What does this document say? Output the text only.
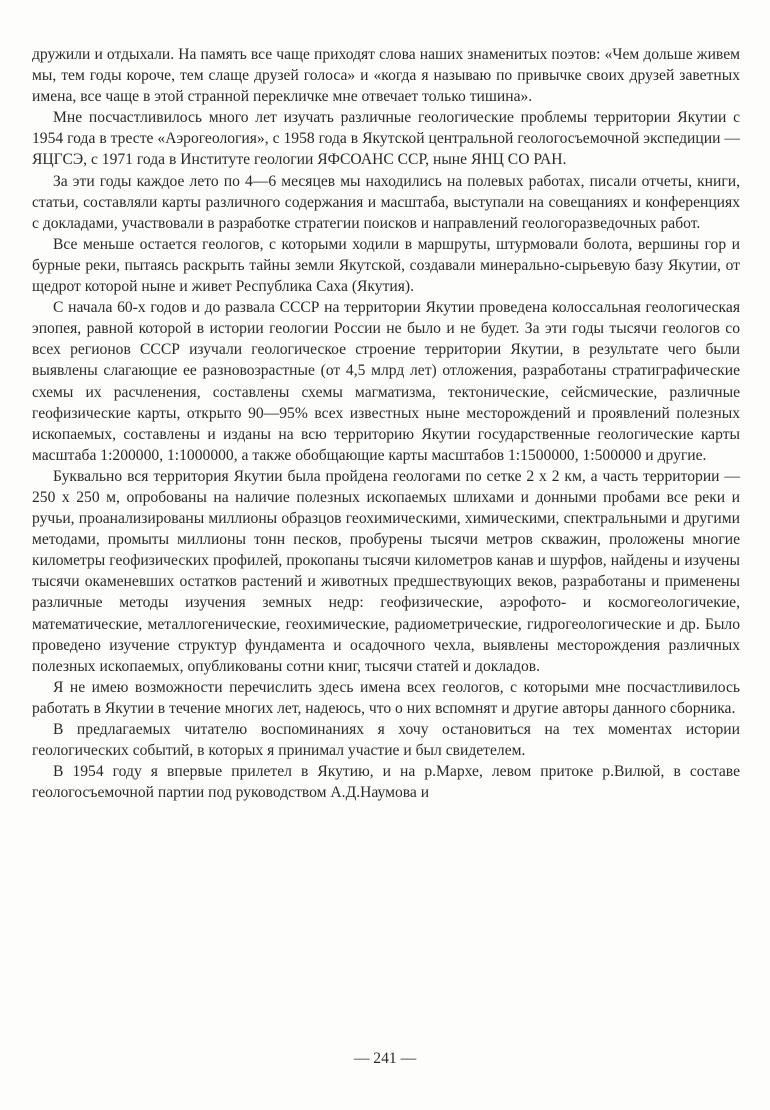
дружили и отдыхали. На память все чаще приходят слова наших знаменитых поэтов: «Чем дольше живем мы, тем годы короче, тем слаще друзей голоса» и «когда я называю по привычке своих друзей заветных имена, все чаще в этой странной перекличке мне отвечает только тишина».

Мне посчастливилось много лет изучать различные геологические проблемы территории Якутии с 1954 года в тресте «Аэрогеология», с 1958 года в Якутской центральной геологосъемочной экспедиции — ЯЦГСЭ, с 1971 года в Институте геологии ЯФСОАНС ССР, ныне ЯНЦ СО РАН.

За эти годы каждое лето по 4—6 месяцев мы находились на полевых работах, писали отчеты, книги, статьи, составляли карты различного содержания и масштаба, выступали на совещаниях и конференциях с докладами, участвовали в разработке стратегии поисков и направлений геологоразведочных работ.

Все меньше остается геологов, с которыми ходили в маршруты, штурмовали болота, вершины гор и бурные реки, пытаясь раскрыть тайны земли Якутской, создавали минерально-сырьевую базу Якутии, от щедрот которой ныне и живет Республика Саха (Якутия).

С начала 60-х годов и до развала СССР на территории Якутии проведена колоссальная геологическая эпопея, равной которой в истории геологии России не было и не будет. За эти годы тысячи геологов со всех регионов СССР изучали геологическое строение территории Якутии, в результате чего были выявлены слагающие ее разновозрастные (от 4,5 млрд лет) отложения, разработаны стратиграфические схемы их расчленения, составлены схемы магматизма, тектонические, сейсмические, различные геофизические карты, открыто 90—95% всех известных ныне месторождений и проявлений полезных ископаемых, составлены и изданы на всю территорию Якутии государственные геологические карты масштаба 1:200000, 1:1000000, а также обобщающие карты масштабов 1:1500000, 1:500000 и другие.

Буквально вся территория Якутии была пройдена геологами по сетке 2 х 2 км, а часть территории — 250 х 250 м, опробованы на наличие полезных ископаемых шлихами и донными пробами все реки и ручьи, проанализированы миллионы образцов геохимическими, химическими, спектральными и другими методами, промыты миллионы тонн песков, пробурены тысячи метров скважин, проложены многие километры геофизических профилей, прокопаны тысячи километров канав и шурфов, найдены и изучены тысячи окаменевших остатков растений и животных предшествующих веков, разработаны и применены различные методы изучения земных недр: геофизические, аэрофото- и космогеологичекие, математические, металлогенические, геохимические, радиометрические, гидрогеологические и др. Было проведено изучение структур фундамента и осадочного чехла, выявлены месторождения различных полезных ископаемых, опубликованы сотни книг, тысячи статей и докладов.

Я не имею возможности перечислить здесь имена всех геологов, с которыми мне посчастливилось работать в Якутии в течение многих лет, надеюсь, что о них вспомнят и другие авторы данного сборника.

В предлагаемых читателю воспоминаниях я хочу остановиться на тех моментах истории геологических событий, в которых я принимал участие и был свидетелем.

В 1954 году я впервые прилетел в Якутию, и на р.Мархе, левом притоке р.Вилюй, в составе геологосъемочной партии под руководством А.Д.Наумова и

— 241 —
